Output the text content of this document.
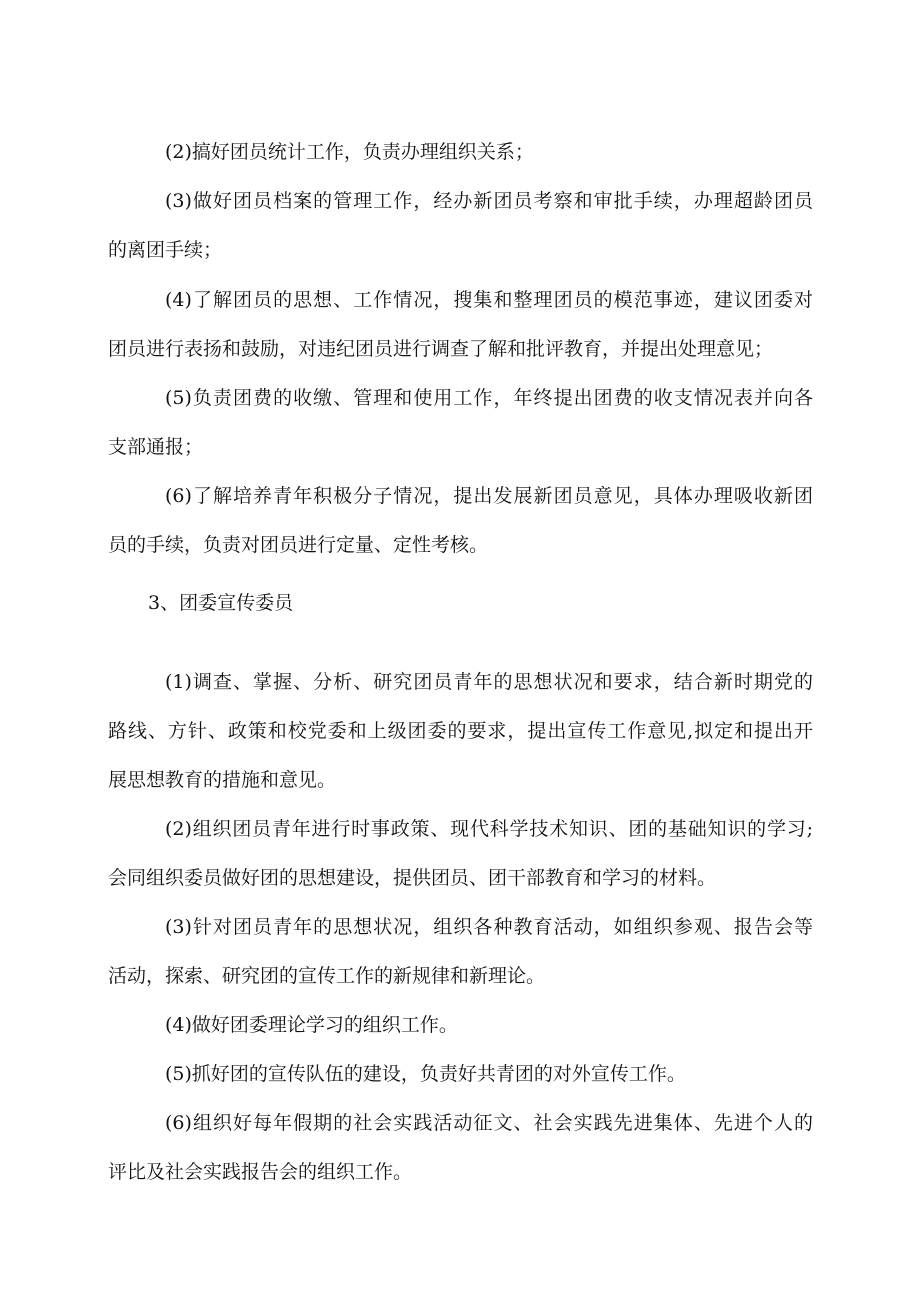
(2)搞好团员统计工作，负责办理组织关系；
(3)做好团员档案的管理工作，经办新团员考察和审批手续，办理超龄团员
的离团手续；
(4)了解团员的思想、工作情况，搜集和整理团员的模范事迹，建议团委对
团员进行表扬和鼓励，对违纪团员进行调查了解和批评教育，并提出处理意见；
(5)负责团费的收缴、管理和使用工作，年终提出团费的收支情况表并向各
支部通报；
(6)了解培养青年积极分子情况，提出发展新团员意见，具体办理吸收新团
员的手续，负责对团员进行定量、定性考核。
3、团委宣传委员
(1)调查、掌握、分析、研究团员青年的思想状况和要求，结合新时期党的
路线、方针、政策和校党委和上级团委的要求，提出宣传工作意见,拟定和提出开
展思想教育的措施和意见。
(2)组织团员青年进行时事政策、现代科学技术知识、团的基础知识的学习;
会同组织委员做好团的思想建设，提供团员、团干部教育和学习的材料。
(3)针对团员青年的思想状况，组织各种教育活动，如组织参观、报告会等
活动，探索、研究团的宣传工作的新规律和新理论。
(4)做好团委理论学习的组织工作。
(5)抓好团的宣传队伍的建设，负责好共青团的对外宣传工作。
(6)组织好每年假期的社会实践活动征文、社会实践先进集体、先进个人的
评比及社会实践报告会的组织工作。
